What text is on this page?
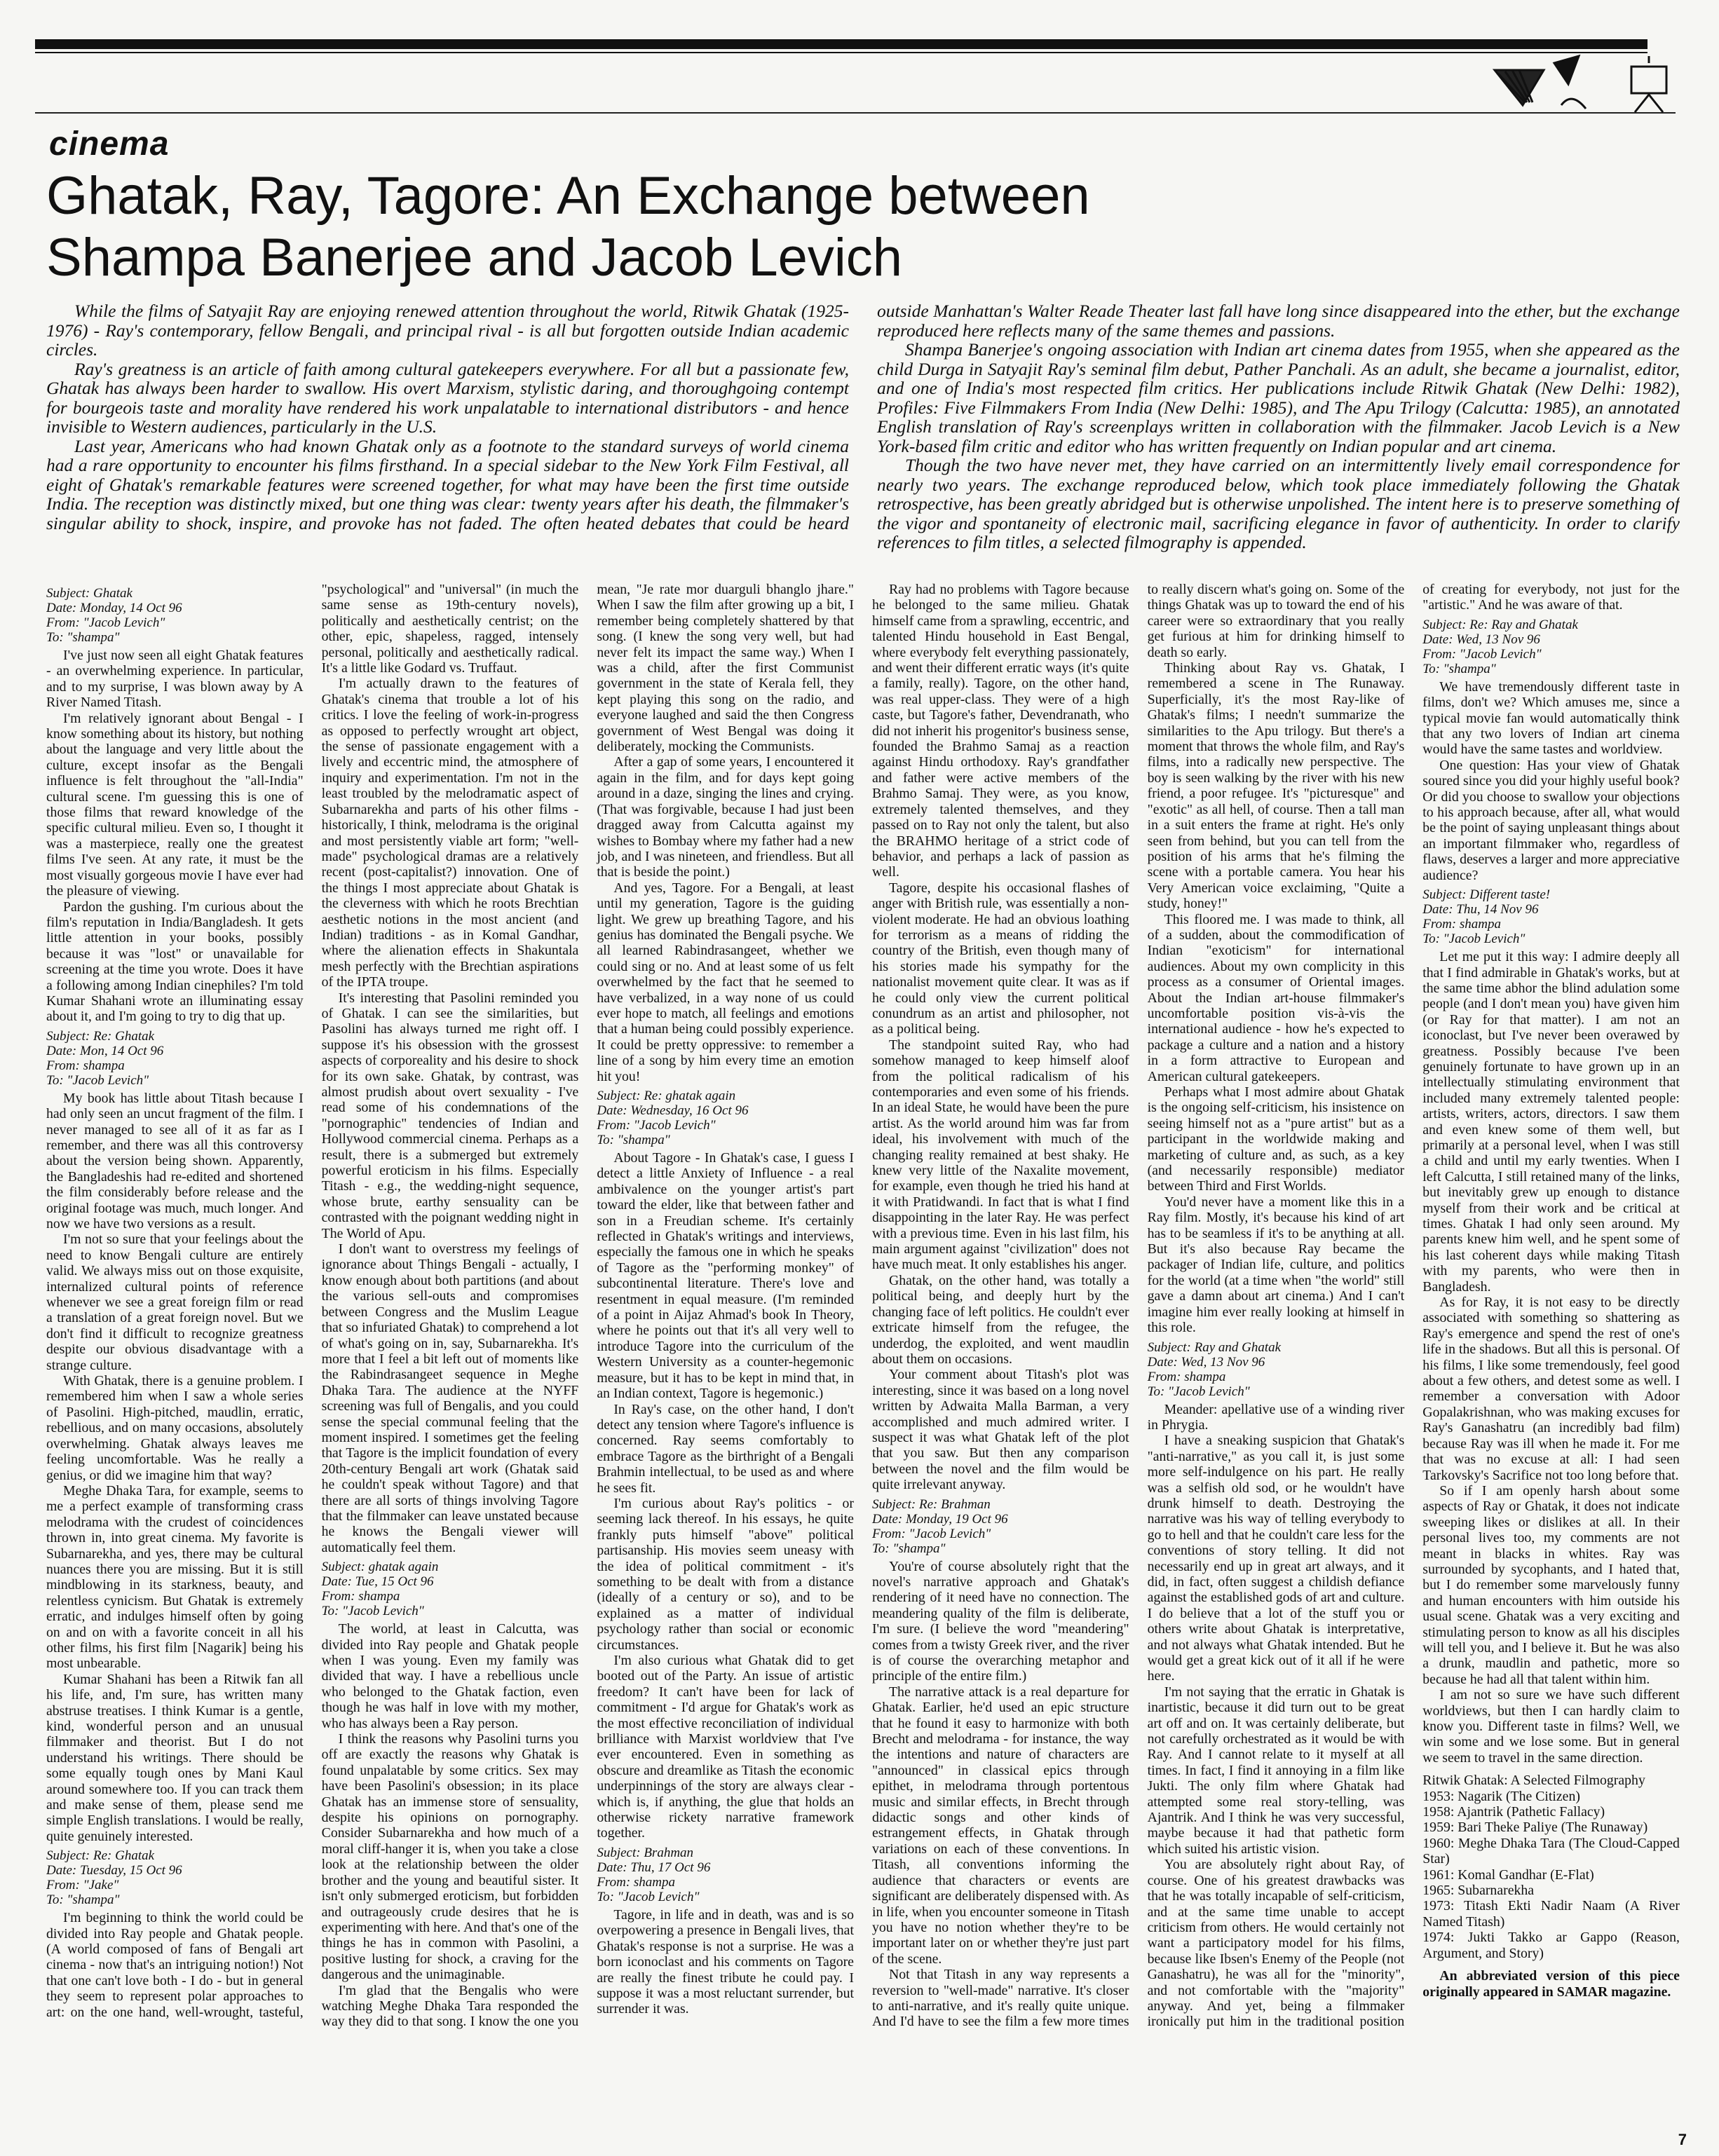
cinema
Ghatak, Ray, Tagore: An Exchange between Shampa Banerjee and Jacob Levich

While the films of Satyajit Ray are enjoying renewed attention throughout the world, Ritwik Ghatak (1925-1976) - Ray's contemporary, fellow Bengali, and principal rival - is all but forgotten outside Indian academic circles.

Ray's greatness is an article of faith among cultural gatekeepers everywhere. For all but a passionate few, Ghatak has always been harder to swallow. His overt Marxism, stylistic daring, and thoroughgoing contempt for bourgeois taste and morality have rendered his work unpalatable to international distributors - and hence invisible to Western audiences, particularly in the U.S.

Last year, Americans who had known Ghatak only as a footnote to the standard surveys of world cinema had a rare opportunity to encounter his films firsthand. In a special sidebar to the New York Film Festival, all eight of Ghatak's remarkable features were screened together, for what may have been the first time outside India. The reception was distinctly mixed, but one thing was clear: twenty years after his death, the filmmaker's singular ability to shock, inspire, and provoke has not faded. The often heated debates that could be heard outside Manhattan's Walter Reade Theater last fall have long since disappeared into the ether, but the exchange reproduced here reflects many of the same themes and passions.

Shampa Banerjee's ongoing association with Indian art cinema dates from 1955, when she appeared as the child Durga in Satyajit Ray's seminal film debut, Pather Panchali. As an adult, she became a journalist, editor, and one of India's most respected film critics. Her publications include Ritwik Ghatak (New Delhi: 1982), Profiles: Five Filmmakers From India (New Delhi: 1985), and The Apu Trilogy (Calcutta: 1985), an annotated English translation of Ray's screenplays written in collaboration with the filmmaker. Jacob Levich is a New York-based film critic and editor who has written frequently on Indian popular and art cinema.

Though the two have never met, they have carried on an intermittently lively email correspondence for nearly two years. The exchange reproduced below, which took place immediately following the Ghatak retrospective, has been greatly abridged but is otherwise unpolished. The intent here is to preserve something of the vigor and spontaneity of electronic mail, sacrificing elegance in favor of authenticity. In order to clarify references to film titles, a selected filmography is appended.

Subject: Ghatak
Date: Monday, 14 Oct 96
From: "Jacob Levich"
To: "shampa"

I've just now seen all eight Ghatak features - an overwhelming experience. In particular, and to my surprise, I was blown away by A River Named Titash.

I'm relatively ignorant about Bengal - I know something about its history, but nothing about the language and very little about the culture, except insofar as the Bengali influence is felt throughout the "all-India" cultural scene. I'm guessing this is one of those films that reward knowledge of the specific cultural milieu. Even so, I thought it was a masterpiece, really one the greatest films I've seen. At any rate, it must be the most visually gorgeous movie I have ever had the pleasure of viewing.

Pardon the gushing. I'm curious about the film's reputation in India/Bangladesh. It gets little attention in your books, possibly because it was "lost" or unavailable for screening at the time you wrote. Does it have a following among Indian cinephiles? I'm told Kumar Shahani wrote an illuminating essay about it, and I'm going to try to dig that up.

Subject: Re: Ghatak
Date: Mon, 14 Oct 96
From: shampa
To: "Jacob Levich"

My book has little about Titash because I had only seen an uncut fragment of the film. I never managed to see all of it as far as I remember, and there was all this controversy about the version being shown. Apparently, the Bangladeshis had re-edited and shortened the film considerably before release and the original footage was much, much longer. And now we have two versions as a result.

I'm not so sure that your feelings about the need to know Bengali culture are entirely valid. We always miss out on those exquisite, internalized cultural points of reference whenever we see a great foreign film or read a translation of a great foreign novel. But we don't find it difficult to recognize greatness despite our obvious disadvantage with a strange culture.

With Ghatak, there is a genuine problem. I remembered him when I saw a whole series of Pasolini. High-pitched, maudlin, erratic, rebellious, and on many occasions, absolutely overwhelming. Ghatak always leaves me feeling uncomfortable. Was he really a genius, or did we imagine him that way?

Meghe Dhaka Tara, for example, seems to me a perfect example of transforming crass melodrama with the crudest of coincidences thrown in, into great cinema. My favorite is Subarnarekha, and yes, there may be cultural nuances there you are missing. But it is still mindblowing in its starkness, beauty, and relentless cynicism. But Ghatak is extremely erratic, and indulges himself often by going on and on with a favorite conceit in all his other films, his first film [Nagarik] being his most unbearable.

Kumar Shahani has been a Ritwik fan all his life, and, I'm sure, has written many abstruse treatises. I think Kumar is a gentle, kind, wonderful person and an unusual filmmaker and theorist. But I do not understand his writings. There should be some equally tough ones by Mani Kaul around somewhere too. If you can track them and make sense of them, please send me simple English translations. I would be really, quite genuinely interested.

Subject: Re: Ghatak
Date: Tuesday, 15 Oct 96
From: "Jake"
To: "shampa"

I'm beginning to think the world could be divided into Ray people and Ghatak people. (A world composed of fans of Bengali art cinema - now that's an intriguing notion!) Not that one can't love both - I do - but in general they seem to represent polar approaches to art: on the one hand, well-wrought, tasteful, "psychological" and "universal" (in much the same sense as 19th-century novels), politically and aesthetically centrist; on the other, epic, shapeless, ragged, intensely personal, politically and aesthetically radical. It's a little like Godard vs. Truffaut.

I'm actually drawn to the features of Ghatak's cinema that trouble a lot of his critics. I love the feeling of work-in-progress as opposed to perfectly wrought art object, the sense of passionate engagement with a lively and eccentric mind, the atmosphere of inquiry and experimentation. I'm not in the least troubled by the melodramatic aspect of Subarnarekha and parts of his other films - historically, I think, melodrama is the original and most persistently viable art form; "well-made" psychological dramas are a relatively recent (post-capitalist?) innovation. One of the things I most appreciate about Ghatak is the cleverness with which he roots Brechtian aesthetic notions in the most ancient (and Indian) traditions - as in Komal Gandhar, where the alienation effects in Shakuntala mesh perfectly with the Brechtian aspirations of the IPTA troupe.

It's interesting that Pasolini reminded you of Ghatak. I can see the similarities, but Pasolini has always turned me right off. I suppose it's his obsession with the grossest aspects of corporeality and his desire to shock for its own sake. Ghatak, by contrast, was almost prudish about overt sexuality - I've read some of his condemnations of the "pornographic" tendencies of Indian and Hollywood commercial cinema. Perhaps as a result, there is a submerged but extremely powerful eroticism in his films. Especially Titash - e.g., the wedding-night sequence, whose brute, earthy sensuality can be contrasted with the poignant wedding night in The World of Apu.

I don't want to overstress my feelings of ignorance about Things Bengali - actually, I know enough about both partitions (and about the various sell-outs and compromises between Congress and the Muslim League that so infuriated Ghatak) to comprehend a lot of what's going on in, say, Subarnarekha. It's more that I feel a bit left out of moments like the Rabindrasangeet sequence in Meghe Dhaka Tara. The audience at the NYFF screening was full of Bengalis, and you could sense the special communal feeling that the moment inspired. I sometimes get the feeling that Tagore is the implicit foundation of every 20th-century Bengali art work (Ghatak said he couldn't speak without Tagore) and that there are all sorts of things involving Tagore that the filmmaker can leave unstated because he knows the Bengali viewer will automatically feel them.

Subject: ghatak again
Date: Tue, 15 Oct 96
From: shampa
To: "Jacob Levich"

The world, at least in Calcutta, was divided into Ray people and Ghatak people when I was young. Even my family was divided that way. I have a rebellious uncle who belonged to the Ghatak faction, even though he was half in love with my mother, who has always been a Ray person.

I think the reasons why Pasolini turns you off are exactly the reasons why Ghatak is found unpalatable by some critics. Sex may have been Pasolini's obsession; in its place Ghatak has an immense store of sensuality, despite his opinions on pornography. Consider Subarnarekha and how much of a moral cliff-hanger it is, when you take a close look at the relationship between the older brother and the young and beautiful sister. It isn't only submerged eroticism, but forbidden and outrageously crude desires that he is experimenting with here. And that's one of the things he has in common with Pasolini, a positive lusting for shock, a craving for the dangerous and the unimaginable.

I'm glad that the Bengalis who were watching Meghe Dhaka Tara responded the way they did to that song. I know the one you mean, "Je rate mor duarguli bhanglo jhare." When I saw the film after growing up a bit, I remember being completely shattered by that song. (I knew the song very well, but had never felt its impact the same way.) When I was a child, after the first Communist government in the state of Kerala fell, they kept playing this song on the radio, and everyone laughed and said the then Congress government of West Bengal was doing it deliberately, mocking the Communists.

After a gap of some years, I encountered it again in the film, and for days kept going around in a daze, singing the lines and crying. (That was forgivable, because I had just been dragged away from Calcutta against my wishes to Bombay where my father had a new job, and I was nineteen, and friendless. But all that is beside the point.)

And yes, Tagore. For a Bengali, at least until my generation, Tagore is the guiding light. We grew up breathing Tagore, and his genius has dominated the Bengali psyche. We all learned Rabindrasangeet, whether we could sing or no. And at least some of us felt overwhelmed by the fact that he seemed to have verbalized, in a way none of us could ever hope to match, all feelings and emotions that a human being could possibly experience. It could be pretty oppressive: to remember a line of a song by him every time an emotion hit you!

Subject: Re: ghatak again
Date: Wednesday, 16 Oct 96
From: "Jacob Levich"
To: "shampa"

About Tagore - In Ghatak's case, I guess I detect a little Anxiety of Influence - a real ambivalence on the younger artist's part toward the elder, like that between father and son in a Freudian scheme. It's certainly reflected in Ghatak's writings and interviews, especially the famous one in which he speaks of Tagore as the "performing monkey" of subcontinental literature. There's love and resentment in equal measure. (I'm reminded of a point in Aijaz Ahmad's book In Theory, where he points out that it's all very well to introduce Tagore into the curriculum of the Western University as a counter-hegemonic measure, but it has to be kept in mind that, in an Indian context, Tagore is hegemonic.)

In Ray's case, on the other hand, I don't detect any tension where Tagore's influence is concerned. Ray seems comfortably to embrace Tagore as the birthright of a Bengali Brahmin intellectual, to be used as and where he sees fit.

I'm curious about Ray's politics - or seeming lack thereof. In his essays, he quite frankly puts himself "above" political partisanship. His movies seem uneasy with the idea of political commitment - it's something to be dealt with from a distance (ideally of a century or so), and to be explained as a matter of individual psychology rather than social or economic circumstances.

I'm also curious what Ghatak did to get booted out of the Party. An issue of artistic freedom? It can't have been for lack of commitment - I'd argue for Ghatak's work as the most effective reconciliation of individual brilliance with Marxist worldview that I've ever encountered. Even in something as obscure and dreamlike as Titash the economic underpinnings of the story are always clear - which is, if anything, the glue that holds an otherwise rickety narrative framework together.

Subject: Brahman
Date: Thu, 17 Oct 96
From: shampa
To: "Jacob Levich"

Tagore, in life and in death, was and is so overpowering a presence in Bengali lives, that Ghatak's response is not a surprise. He was a born iconoclast and his comments on Tagore are really the finest tribute he could pay. I suppose it was a most reluctant surrender, but surrender it was.

Ray had no problems with Tagore because he belonged to the same milieu. Ghatak himself came from a sprawling, eccentric, and talented Hindu household in East Bengal, where everybody felt everything passionately, and went their different erratic ways (it's quite a family, really). Tagore, on the other hand, was real upper-class. They were of a high caste, but Tagore's father, Devendranath, who did not inherit his progenitor's business sense, founded the Brahmo Samaj as a reaction against Hindu orthodoxy. Ray's grandfather and father were active members of the Brahmo Samaj. They were, as you know, extremely talented themselves, and they passed on to Ray not only the talent, but also the BRAHMO heritage of a strict code of behavior, and perhaps a lack of passion as well.

Tagore, despite his occasional flashes of anger with British rule, was essentially a non-violent moderate. He had an obvious loathing for terrorism as a means of ridding the country of the British, even though many of his stories made his sympathy for the nationalist movement quite clear. It was as if he could only view the current political conundrum as an artist and philosopher, not as a political being.

The standpoint suited Ray, who had somehow managed to keep himself aloof from the political radicalism of his contemporaries and even some of his friends. In an ideal State, he would have been the pure artist. As the world around him was far from ideal, his involvement with much of the changing reality remained at best shaky. He knew very little of the Naxalite movement, for example, even though he tried his hand at it with Pratidwandi. In fact that is what I find disappointing in the later Ray. He was perfect with a previous time. Even in his last film, his main argument against "civilization" does not have much meat. It only establishes his anger.

Ghatak, on the other hand, was totally a political being, and deeply hurt by the changing face of left politics. He couldn't ever extricate himself from the refugee, the underdog, the exploited, and went maudlin about them on occasions.

Your comment about Titash's plot was interesting, since it was based on a long novel written by Adwaita Malla Barman, a very accomplished and much admired writer. I suspect it was what Ghatak left of the plot that you saw. But then any comparison between the novel and the film would be quite irrelevant anyway.

Subject: Re: Brahman
Date: Monday, 19 Oct 96
From: "Jacob Levich"
To: "shampa"

You're of course absolutely right that the novel's narrative approach and Ghatak's rendering of it need have no connection. The meandering quality of the film is deliberate, I'm sure. (I believe the word "meandering" comes from a twisty Greek river, and the river is of course the overarching metaphor and principle of the entire film.)

The narrative attack is a real departure for Ghatak. Earlier, he'd used an epic structure that he found it easy to harmonize with both Brecht and melodrama - for instance, the way the intentions and nature of characters are "announced" in classical epics through epithet, in melodrama through portentous music and similar effects, in Brecht through didactic songs and other kinds of estrangement effects, in Ghatak through variations on each of these conventions. In Titash, all conventions informing the audience that characters or events are significant are deliberately dispensed with. As in life, when you encounter someone in Titash you have no notion whether they're to be important later on or whether they're just part of the scene.

Not that Titash in any way represents a reversion to "well-made" narrative. It's closer to anti-narrative, and it's really quite unique. And I'd have to see the film a few more times to really discern what's going on. Some of the things Ghatak was up to toward the end of his career were so extraordinary that you really get furious at him for drinking himself to death so early.

Thinking about Ray vs. Ghatak, I remembered a scene in The Runaway. Superficially, it's the most Ray-like of Ghatak's films; I needn't summarize the similarities to the Apu trilogy. But there's a moment that throws the whole film, and Ray's films, into a radically new perspective. The boy is seen walking by the river with his new friend, a poor refugee. It's "picturesque" and "exotic" as all hell, of course. Then a tall man in a suit enters the frame at right. He's only seen from behind, but you can tell from the position of his arms that he's filming the scene with a portable camera. You hear his Very American voice exclaiming, "Quite a study, honey!"

This floored me. I was made to think, all of a sudden, about the commodification of Indian "exoticism" for international audiences. About my own complicity in this process as a consumer of Oriental images. About the Indian art-house filmmaker's uncomfortable position vis-à-vis the international audience - how he's expected to package a culture and a nation and a history in a form attractive to European and American cultural gatekeepers.

Perhaps what I most admire about Ghatak is the ongoing self-criticism, his insistence on seeing himself not as a "pure artist" but as a participant in the worldwide making and marketing of culture and, as such, as a key (and necessarily responsible) mediator between Third and First Worlds.

You'd never have a moment like this in a Ray film. Mostly, it's because his kind of art has to be seamless if it's to be anything at all. But it's also because Ray became the packager of Indian life, culture, and politics for the world (at a time when "the world" still gave a damn about art cinema.) And I can't imagine him ever really looking at himself in this role.

Subject: Ray and Ghatak
Date: Wed, 13 Nov 96
From: shampa
To: "Jacob Levich"

Meander: apellative use of a winding river in Phrygia.

I have a sneaking suspicion that Ghatak's "anti-narrative," as you call it, is just some more self-indulgence on his part. He really was a selfish old sod, or he wouldn't have drunk himself to death. Destroying the narrative was his way of telling everybody to go to hell and that he couldn't care less for the conventions of story telling. It did not necessarily end up in great art always, and it did, in fact, often suggest a childish defiance against the established gods of art and culture. I do believe that a lot of the stuff you or others write about Ghatak is interpretative, and not always what Ghatak intended. But he would get a great kick out of it all if he were here.

I'm not saying that the erratic in Ghatak is inartistic, because it did turn out to be great art off and on. It was certainly deliberate, but not carefully orchestrated as it would be with Ray. And I cannot relate to it myself at all times. In fact, I find it annoying in a film like Jukti. The only film where Ghatak had attempted some real story-telling, was Ajantrik. And I think he was very successful, maybe because it had that pathetic form which suited his artistic vision.

You are absolutely right about Ray, of course. One of his greatest drawbacks was that he was totally incapable of self-criticism, and at the same time unable to accept criticism from others. He would certainly not want a participatory model for his films, because like Ibsen's Enemy of the People (not Ganashatru), he was all for the "minority", and not comfortable with the "majority" anyway. And yet, being a filmmaker ironically put him in the traditional position of creating for everybody, not just for the "artistic." And he was aware of that.

Subject: Re: Ray and Ghatak
Date: Wed, 13 Nov 96
From: "Jacob Levich"
To: "shampa"

We have tremendously different taste in films, don't we? Which amuses me, since a typical movie fan would automatically think that any two lovers of Indian art cinema would have the same tastes and worldview.

One question: Has your view of Ghatak soured since you did your highly useful book? Or did you choose to swallow your objections to his approach because, after all, what would be the point of saying unpleasant things about an important filmmaker who, regardless of flaws, deserves a larger and more appreciative audience?

Subject: Different taste!
Date: Thu, 14 Nov 96
From: shampa
To: "Jacob Levich"

Let me put it this way: I admire deeply all that I find admirable in Ghatak's works, but at the same time abhor the blind adulation some people (and I don't mean you) have given him (or Ray for that matter). I am not an iconoclast, but I've never been overawed by greatness. Possibly because I've been genuinely fortunate to have grown up in an intellectually stimulating environment that included many extremely talented people: artists, writers, actors, directors. I saw them and even knew some of them well, but primarily at a personal level, when I was still a child and until my early twenties. When I left Calcutta, I still retained many of the links, but inevitably grew up enough to distance myself from their work and be critical at times. Ghatak I had only seen around. My parents knew him well, and he spent some of his last coherent days while making Titash with my parents, who were then in Bangladesh.

As for Ray, it is not easy to be directly associated with something so shattering as Ray's emergence and spend the rest of one's life in the shadows. But all this is personal. Of his films, I like some tremendously, feel good about a few others, and detest some as well. I remember a conversation with Adoor Gopalakrishnan, who was making excuses for Ray's Ganashatru (an incredibly bad film) because Ray was ill when he made it. For me that was no excuse at all: I had seen Tarkovsky's Sacrifice not too long before that.

So if I am openly harsh about some aspects of Ray or Ghatak, it does not indicate sweeping likes or dislikes at all. In their personal lives too, my comments are not meant in blacks in whites. Ray was surrounded by sycophants, and I hated that, but I do remember some marvelously funny and human encounters with him outside his usual scene. Ghatak was a very exciting and stimulating person to know as all his disciples will tell you, and I believe it. But he was also a drunk, maudlin and pathetic, more so because he had all that talent within him.

I am not so sure we have such different worldviews, but then I can hardly claim to know you. Different taste in films? Well, we win some and we lose some. But in general we seem to travel in the same direction.

Ritwik Ghatak: A Selected Filmography
1953: Nagarik (The Citizen)
1958: Ajantrik (Pathetic Fallacy)
1959: Bari Theke Paliye (The Runaway)
1960: Meghe Dhaka Tara (The Cloud-Capped Star)
1961: Komal Gandhar (E-Flat)
1965: Subarnarekha
1973: Titash Ekti Nadir Naam (A River Named Titash)
1974: Jukti Takko ar Gappo (Reason, Argument, and Story)

An abbreviated version of this piece originally appeared in SAMAR magazine.

7
